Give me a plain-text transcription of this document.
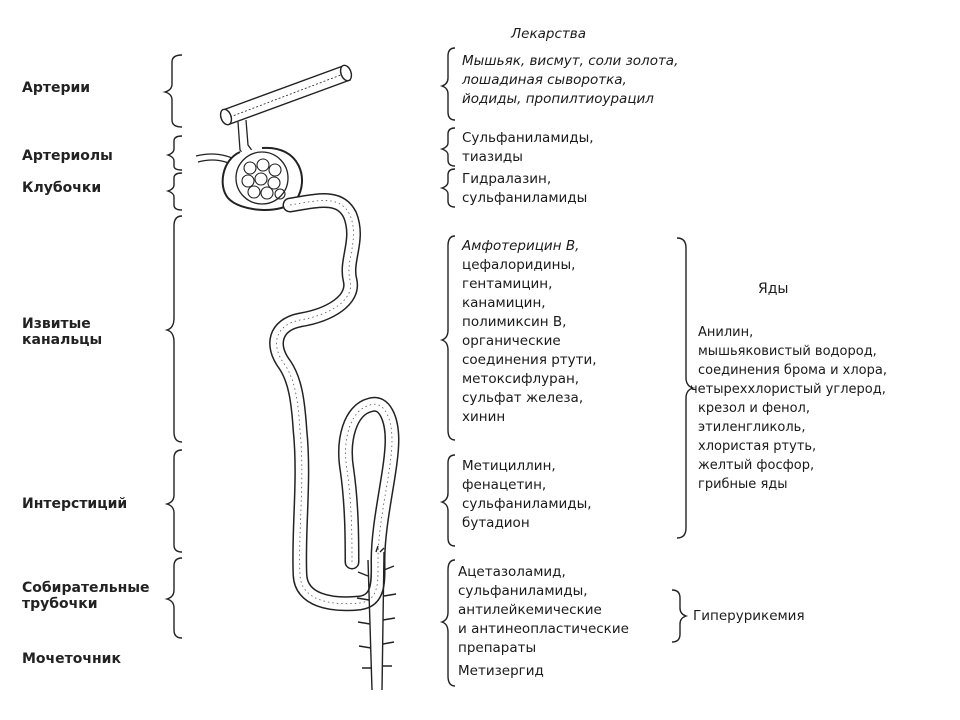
Лекарства
Яды
Артерии
Артериолы
Клубочки
Извитые
канальцы
Интерстиций
Собирательные
трубочки
Мочеточник
Мышьяк, висмут, соли золота,
лошадиная сыворотка,
йодиды, пропилтиоурацил
Сульфаниламиды,
тиазиды
Гидралазин,
сульфаниламиды
Амфотерицин В,
цефалоридины,
гентамицин,
канамицин,
полимиксин В,
органические
соединения ртути,
метоксифлуран,
сульфат железа,
хинин
Метициллин,
фенацетин,
сульфаниламиды,
бутадион
Ацетазоламид,
сульфаниламиды,
антилейкемические
и антинеопластические
препараты
Метизергид
Анилин,
мышьяковистый водород,
соединения брома и хлора,
четыреххлористый углерод,
крезол и фенол,
этиленгликоль,
хлористая ртуть,
желтый фосфор,
грибные яды
Гиперурикемия
